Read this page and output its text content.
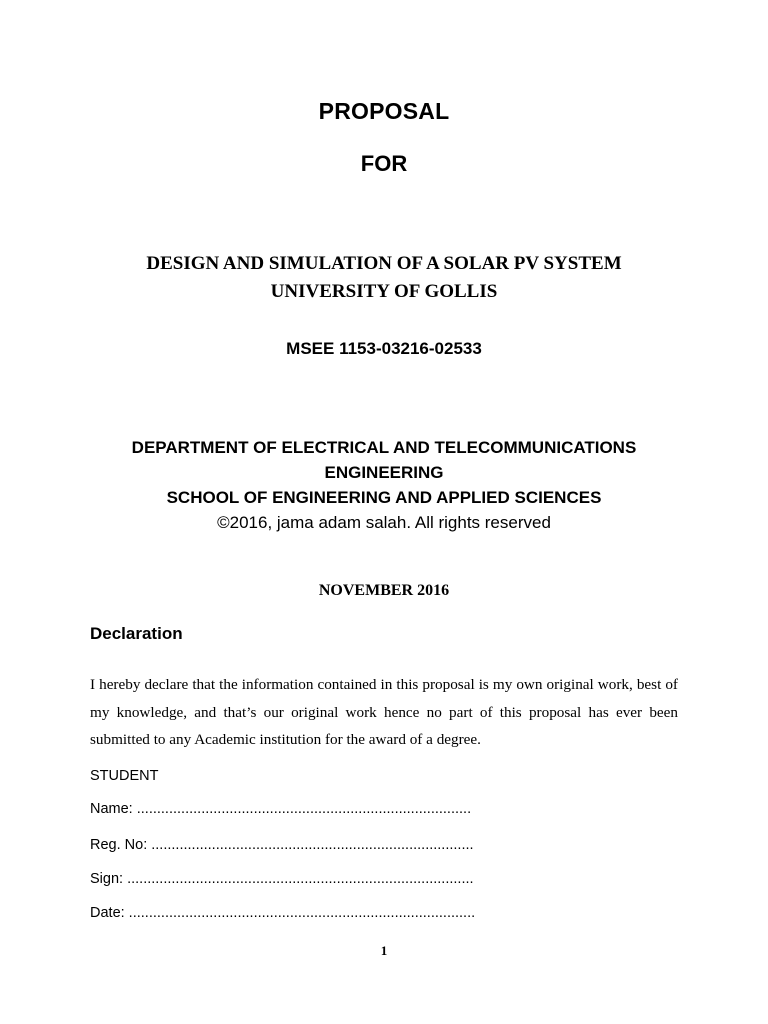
PROPOSAL
FOR
DESIGN AND SIMULATION OF A SOLAR PV SYSTEM
UNIVERSITY OF GOLLIS
MSEE 1153-03216-02533
DEPARTMENT OF ELECTRICAL AND TELECOMMUNICATIONS
ENGINEERING
SCHOOL OF ENGINEERING AND APPLIED SCIENCES
©2016, jama adam salah. All rights reserved
NOVEMBER 2016
Declaration
I hereby declare that the information contained in this proposal is my own original work, best of my knowledge, and that’s our original work hence no part of this proposal has ever been submitted to any Academic institution for the award of a degree.
STUDENT
Name: ...................................................................................
Reg. No: ................................................................................
Sign: ......................................................................................
Date: ......................................................................................
1
